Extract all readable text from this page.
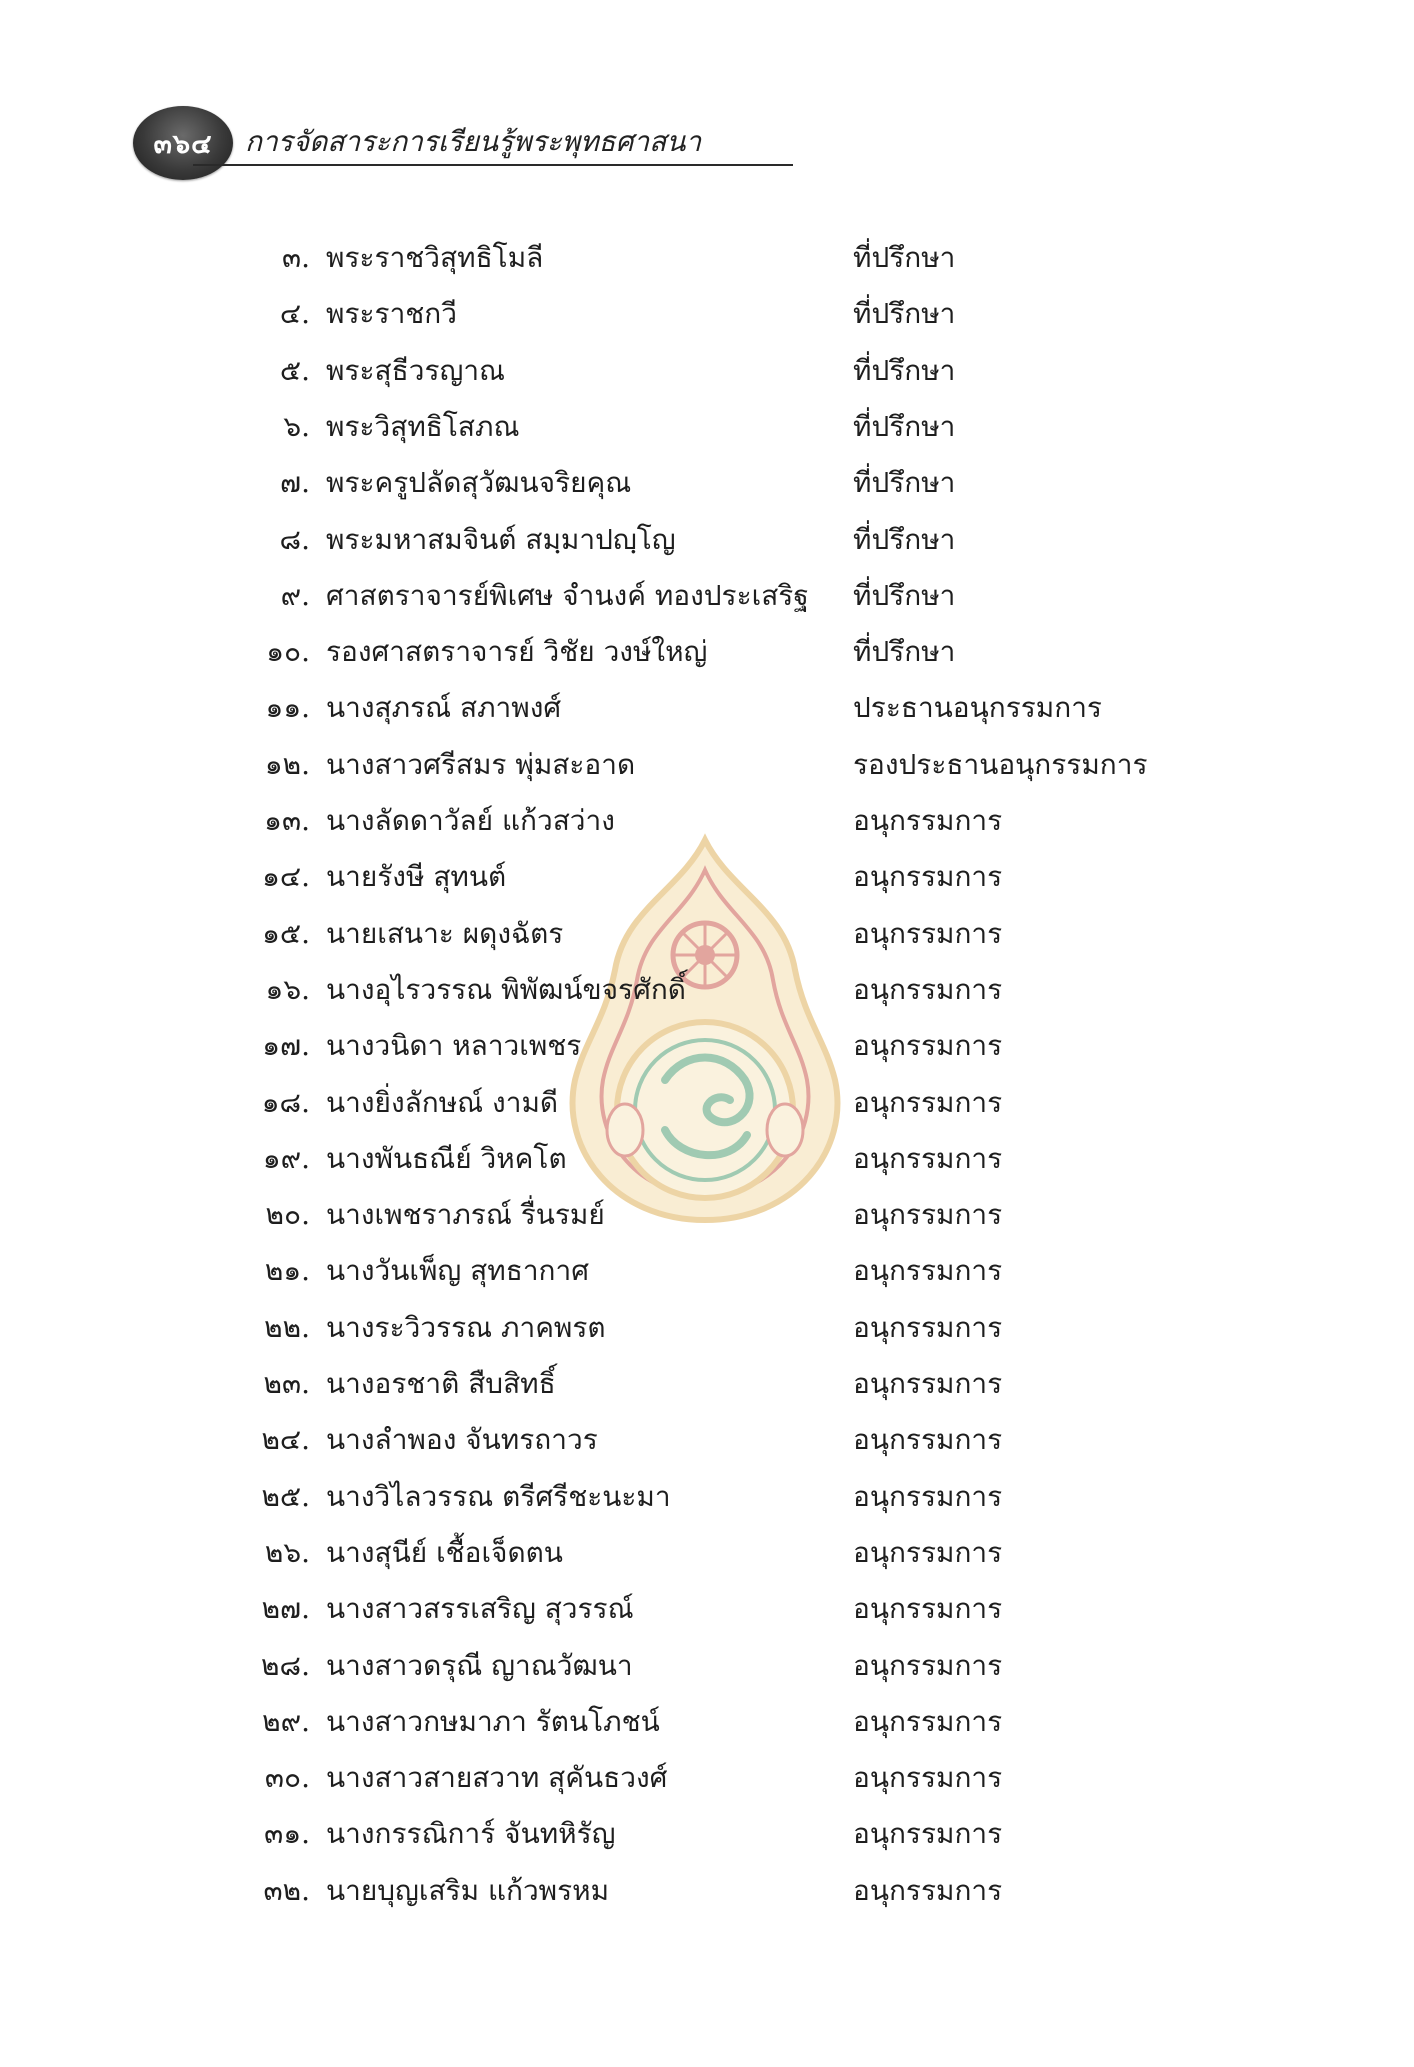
๓๖๔ การจัดสาระการเรียนรู้พระพุทธศาสนา
๓. พระราชวิสุทธิโมลี	ที่ปรึกษา
๔. พระราชกวี	ที่ปรึกษา
๕. พระสุธีวรญาณ	ที่ปรึกษา
๖. พระวิสุทธิโสภณ	ที่ปรึกษา
๗. พระครูปลัดสุวัฒนจริยคุณ	ที่ปรึกษา
๘. พระมหาสมจินต์ สมฺมาปญฺโญ	ที่ปรึกษา
๙. ศาสตราจารย์พิเศษ จำนงค์ ทองประเสริฐ ที่ปรึกษา
๑๐. รองศาสตราจารย์ วิชัย วงษ์ใหญ่	ที่ปรึกษา
๑๑. นางสุภรณ์ สภาพงศ์	ประธานอนุกรรมการ
๑๒. นางสาวศรีสมร พุ่มสะอาด	รองประธานอนุกรรมการ
๑๓. นางลัดดาวัลย์ แก้วสว่าง	อนุกรรมการ
๑๔. นายรังษี สุทนต์	อนุกรรมการ
๑๕. นายเสนาะ ผดุงฉัตร	อนุกรรมการ
๑๖. นางอุไรวรรณ พิพัฒน์ขจรศักดิ์	อนุกรรมการ
๑๗. นางวนิดา หลาวเพชร	อนุกรรมการ
๑๘. นางยิ่งลักษณ์ งามดี	อนุกรรมการ
๑๙. นางพันธณีย์ วิหคโต	อนุกรรมการ
๒๐. นางเพชราภรณ์ รื่นรมย์	อนุกรรมการ
๒๑. นางวันเพ็ญ สุทธากาศ	อนุกรรมการ
๒๒. นางระวิวรรณ ภาคพรต	อนุกรรมการ
๒๓. นางอรชาติ สืบสิทธิ์	อนุกรรมการ
๒๔. นางลำพอง จันทรถาวร	อนุกรรมการ
๒๕. นางวิไลวรรณ ตรีศรีชะนะมา	อนุกรรมการ
๒๖. นางสุนีย์ เชื้อเจ็ดตน	อนุกรรมการ
๒๗. นางสาวสรรเสริญ สุวรรณ์	อนุกรรมการ
๒๘. นางสาวดรุณี ญาณวัฒนา	อนุกรรมการ
๒๙. นางสาวกษมาภา รัตนโภชน์	อนุกรรมการ
๓๐. นางสาวสายสวาท สุคันธวงศ์	อนุกรรมการ
๓๑. นางกรรณิการ์ จันทหิรัญ	อนุกรรมการ
๓๒. นายบุญเสริม แก้วพรหม	อนุกรรมการ
